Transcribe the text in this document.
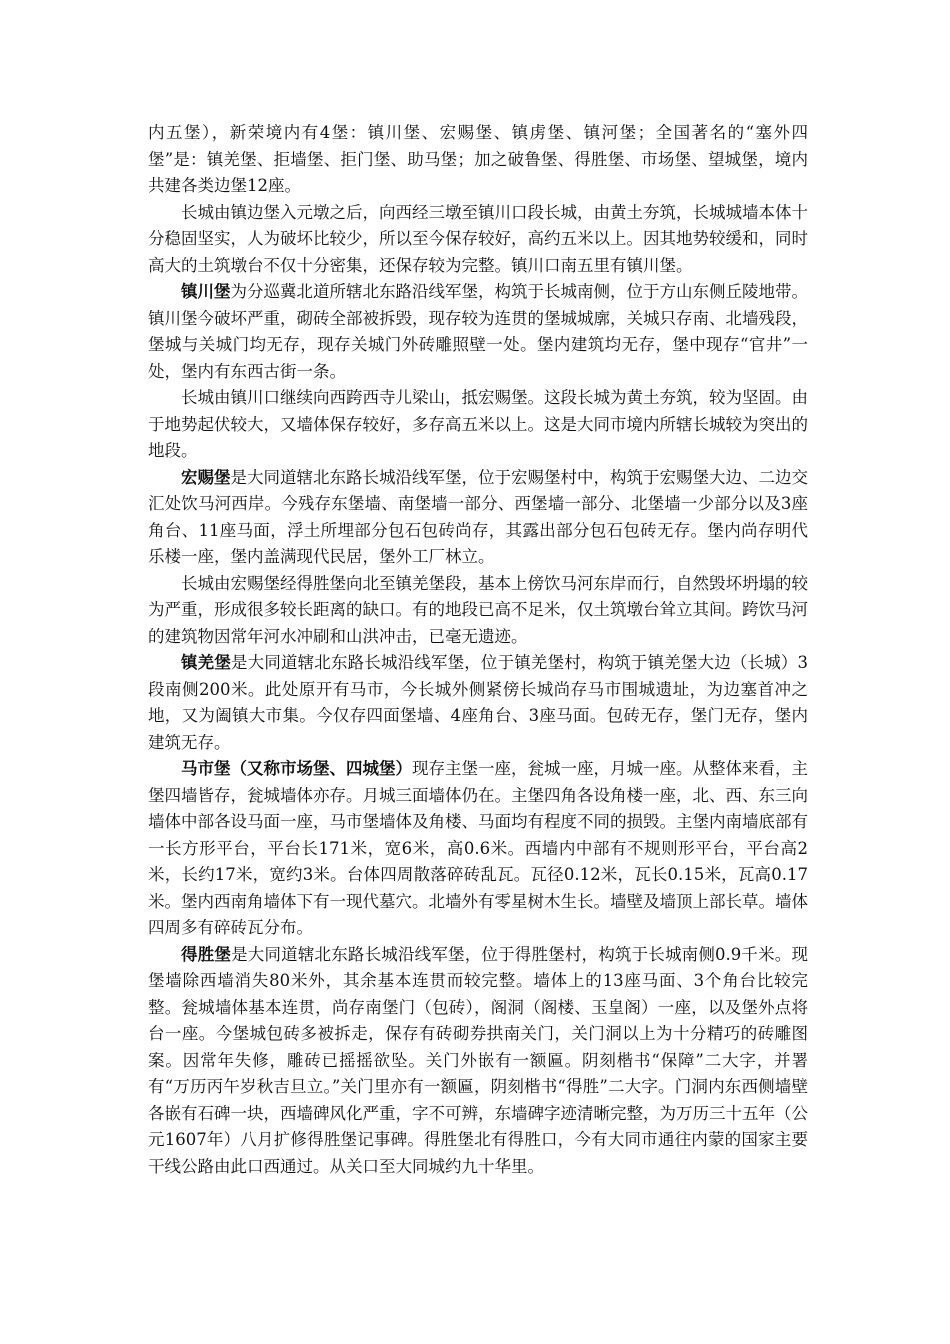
内五堡），新荣境内有4堡：镇川堡、宏赐堡、镇虏堡、镇河堡；全国著名的“塞外四堡”是：镇羌堡、拒墙堡、拒门堡、助马堡；加之破鲁堡、得胜堡、市场堡、望城堡，境内共建各类边堡12座。

长城由镇边堡入元墩之后，向西经三墩至镇川口段长城，由黄土夯筑，长城城墙本体十分稳固坚实，人为破坏比较少，所以至今保存较好，高约五米以上。因其地势较缓和，同时高大的土筑墩台不仅十分密集，还保存较为完整。镇川口南五里有镇川堡。

镇川堡为分巡冀北道所辖北东路沿线军堡，构筑于长城南侧，位于方山东侧丘陵地带。镇川堡今破坏严重，砌砖全部被拆毁，现存较为连贯的堡城城廓，关城只存南、北墙残段，堡城与关城门均无存，现存关城门外砖雕照壁一处。堡内建筑均无存，堡中现存“官井”一处，堡内有东西古街一条。

长城由镇川口继续向西跨西寺儿梁山，抵宏赐堡。这段长城为黄土夯筑，较为坚固。由于地势起伏较大，又墙体保存较好，多存高五米以上。这是大同市境内所辖长城较为突出的地段。

宏赐堡是大同道辖北东路长城沿线军堡，位于宏赐堡村中，构筑于宏赐堡大边、二边交汇处饮马河西岸。今残存东堡墙、南堡墙一部分、西堡墙一部分、北堡墙一少部分以及3座角台、11座马面，浮土所埋部分包石包砖尚存，其露出部分包石包砖无存。堡内尚存明代乐楼一座，堡内盖满现代民居，堡外工厂林立。

长城由宏赐堡经得胜堡向北至镇羌堡段，基本上傍饮马河东岸而行，自然毁坏坍塌的较为严重，形成很多较长距离的缺口。有的地段已高不足米，仅土筑墩台耸立其间。跨饮马河的建筑物因常年河水冲刷和山洪冲击，已毫无遗迹。

镇羌堡是大同道辖北东路长城沿线军堡，位于镇羌堡村，构筑于镇羌堡大边（长城）3段南侧200米。此处原开有马市，今长城外侧紧傍长城尚存马市围城遗址，为边塞首冲之地，又为阖镇大市集。今仅存四面堡墙、4座角台、3座马面。包砖无存，堡门无存，堡内建筑无存。

马市堡（又称市场堡、四城堡）现存主堡一座，瓮城一座，月城一座。从整体来看，主堡四墙皆存，瓮城墙体亦存。月城三面墙体仍在。主堡四角各设角楼一座，北、西、东三向墙体中部各设马面一座，马市堡墙体及角楼、马面均有程度不同的损毁。主堡内南墙底部有一长方形平台，平台长171米，宽6米，高0.6米。西墙内中部有不规则形平台，平台高2米，长约17米，宽约3米。台体四周散落碎砖乱瓦。瓦径0.12米，瓦长0.15米，瓦高0.17米。堡内西南角墙体下有一现代墓穴。北墙外有零星树木生长。墙壁及墙顶上部长草。墙体四周多有碎砖瓦分布。

得胜堡是大同道辖北东路长城沿线军堡，位于得胜堡村，构筑于长城南侧0.9千米。现堡墙除西墙消失80米外，其余基本连贯而较完整。墙体上的13座马面、3个角台比较完整。瓮城墙体基本连贯，尚存南堡门（包砖），阁洞（阁楼、玉皇阁）一座，以及堡外点将台一座。今堡城包砖多被拆走，保存有砖砌券拱南关门，关门洞以上为十分精巧的砖雕图案。因常年失修，雕砖已摇摇欲坠。关门外嵌有一额匾。阴刻楷书“保障”二大字，并署有“万历丙午岁秋吉旦立。”关门里亦有一额匾，阴刻楷书“得胜”二大字。门洞内东西侧墙壁各嵌有石碑一块，西墙碑风化严重，字不可辨，东墙碑字迹清晰完整，为万历三十五年（公元1607年）八月扩修得胜堡记事碑。得胜堡北有得胜口，今有大同市通往内蒙的国家主要干线公路由此口西通过。从关口至大同城约九十华里。
